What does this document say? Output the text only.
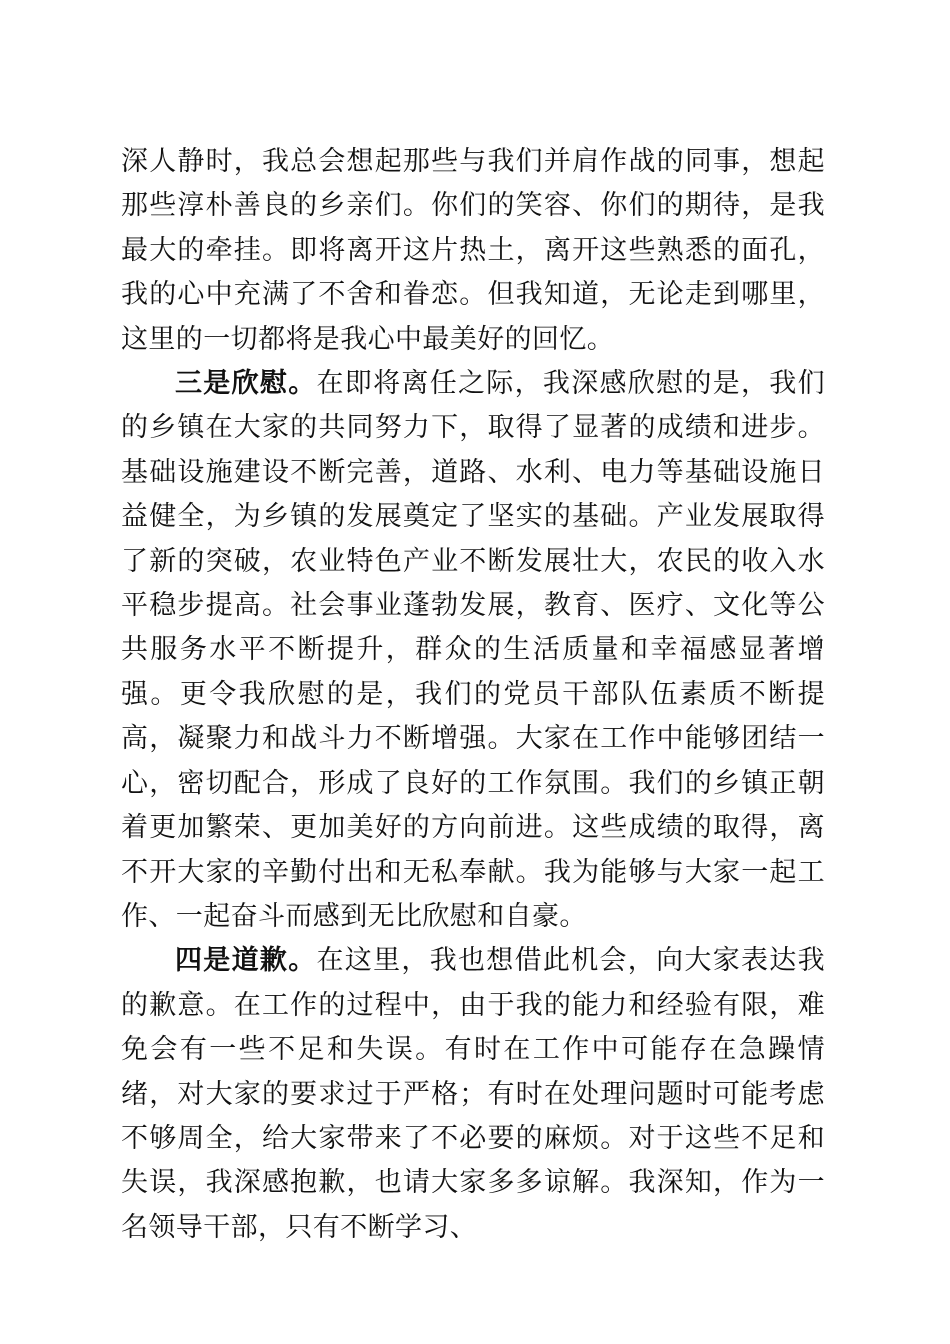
深人静时，我总会想起那些与我们并肩作战的同事，想起那些淳朴善良的乡亲们。你们的笑容、你们的期待，是我最大的牵挂。即将离开这片热土，离开这些熟悉的面孔，我的心中充满了不舍和眷恋。但我知道，无论走到哪里，这里的一切都将是我心中最美好的回忆。

三是欣慰。在即将离任之际，我深感欣慰的是，我们的乡镇在大家的共同努力下，取得了显著的成绩和进步。基础设施建设不断完善，道路、水利、电力等基础设施日益健全，为乡镇的发展奠定了坚实的基础。产业发展取得了新的突破，农业特色产业不断发展壮大，农民的收入水平稳步提高。社会事业蓬勃发展，教育、医疗、文化等公共服务水平不断提升，群众的生活质量和幸福感显著增强。更令我欣慰的是，我们的党员干部队伍素质不断提高，凝聚力和战斗力不断增强。大家在工作中能够团结一心，密切配合，形成了良好的工作氛围。我们的乡镇正朝着更加繁荣、更加美好的方向前进。这些成绩的取得，离不开大家的辛勤付出和无私奉献。我为能够与大家一起工作、一起奋斗而感到无比欣慰和自豪。

四是道歉。在这里，我也想借此机会，向大家表达我的歉意。在工作的过程中，由于我的能力和经验有限，难免会有一些不足和失误。有时在工作中可能存在急躁情绪，对大家的要求过于严格；有时在处理问题时可能考虑不够周全，给大家带来了不必要的麻烦。对于这些不足和失误，我深感抱歉，也请大家多多谅解。我深知，作为一名领导干部，只有不断学习、
